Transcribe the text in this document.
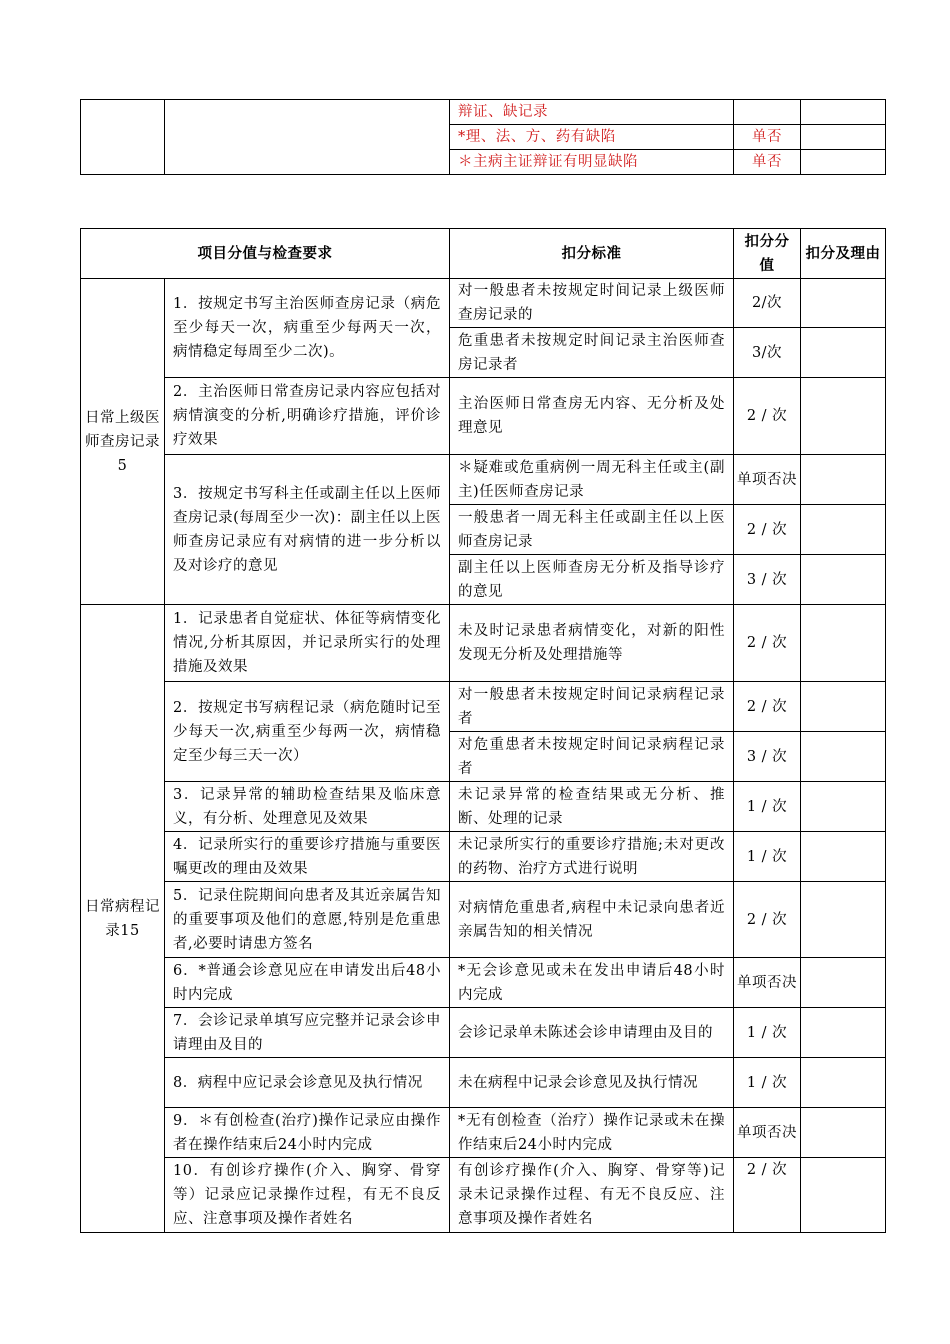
		辩证、缺记录		
		*理、法、方、药有缺陷	单否	
		＊主病主证辩证有明显缺陷	单否	
项目分值与检查要求		扣分标准	扣分分值	扣分及理由
日常上级医师查房记录5	1．按规定书写主治医师查房记录（病危至少每天一次，病重至少每两天一次，病情稳定每周至少二次)。	对一般患者未按规定时间记录上级医师查房记录的	2/次	
		危重患者未按规定时间记录主治医师查房记录者	3/次	
	2．主治医师日常查房记录内容应包括对病情演变的分析,明确诊疗措施，评价诊疗效果	主治医师日常查房无内容、无分析及处理意见	2 / 次	
	3．按规定书写科主任或副主任以上医师查房记录(每周至少一次)：副主任以上医师查房记录应有对病情的进一步分析以及对诊疗的意见	＊疑难或危重病例一周无科主任或主(副主)任医师查房记录	单项否决	
		一般患者一周无科主任或副主任以上医师查房记录	2 / 次	
		副主任以上医师查房无分析及指导诊疗的意见	3 / 次	
日常病程记录15	1．记录患者自觉症状、体征等病情变化情况,分析其原因，并记录所实行的处理措施及效果	未及时记录患者病情变化，对新的阳性发现无分析及处理措施等	2 / 次	
	2．按规定书写病程记录（病危随时记至少每天一次,病重至少每两一次，病情稳定至少每三天一次）	对一般患者未按规定时间记录病程记录者	2 / 次	
		对危重患者未按规定时间记录病程记录者	3 / 次	
	3．记录异常的辅助检查结果及临床意义，有分析、处理意见及效果	未记录异常的检查结果或无分析、推断、处理的记录	1 / 次	
	4．记录所实行的重要诊疗措施与重要医嘱更改的理由及效果	未记录所实行的重要诊疗措施;未对更改的药物、治疗方式进行说明	1 / 次	
	5．记录住院期间向患者及其近亲属告知的重要事项及他们的意愿,特别是危重患者,必要时请患方签名	对病情危重患者,病程中未记录向患者近亲属告知的相关情况	2 / 次	
	6．*普通会诊意见应在申请发出后48小时内完成	*无会诊意见或未在发出申请后48小时内完成	单项否决	
	7．会诊记录单填写应完整并记录会诊申请理由及目的	会诊记录单未陈述会诊申请理由及目的	1 / 次	
	8．病程中应记录会诊意见及执行情况	未在病程中记录会诊意见及执行情况	1 / 次	
	9．＊有创检查(治疗)操作记录应由操作者在操作结束后24小时内完成	*无有创检查（治疗）操作记录或未在操作结束后24小时内完成	单项否决	
	10．有创诊疗操作(介入、胸穿、骨穿等）记录应记录操作过程，有无不良反应、注意事项及操作者姓名	有创诊疗操作(介入、胸穿、骨穿等)记录未记录操作过程、有无不良反应、注意事项及操作者姓名	2 / 次	
